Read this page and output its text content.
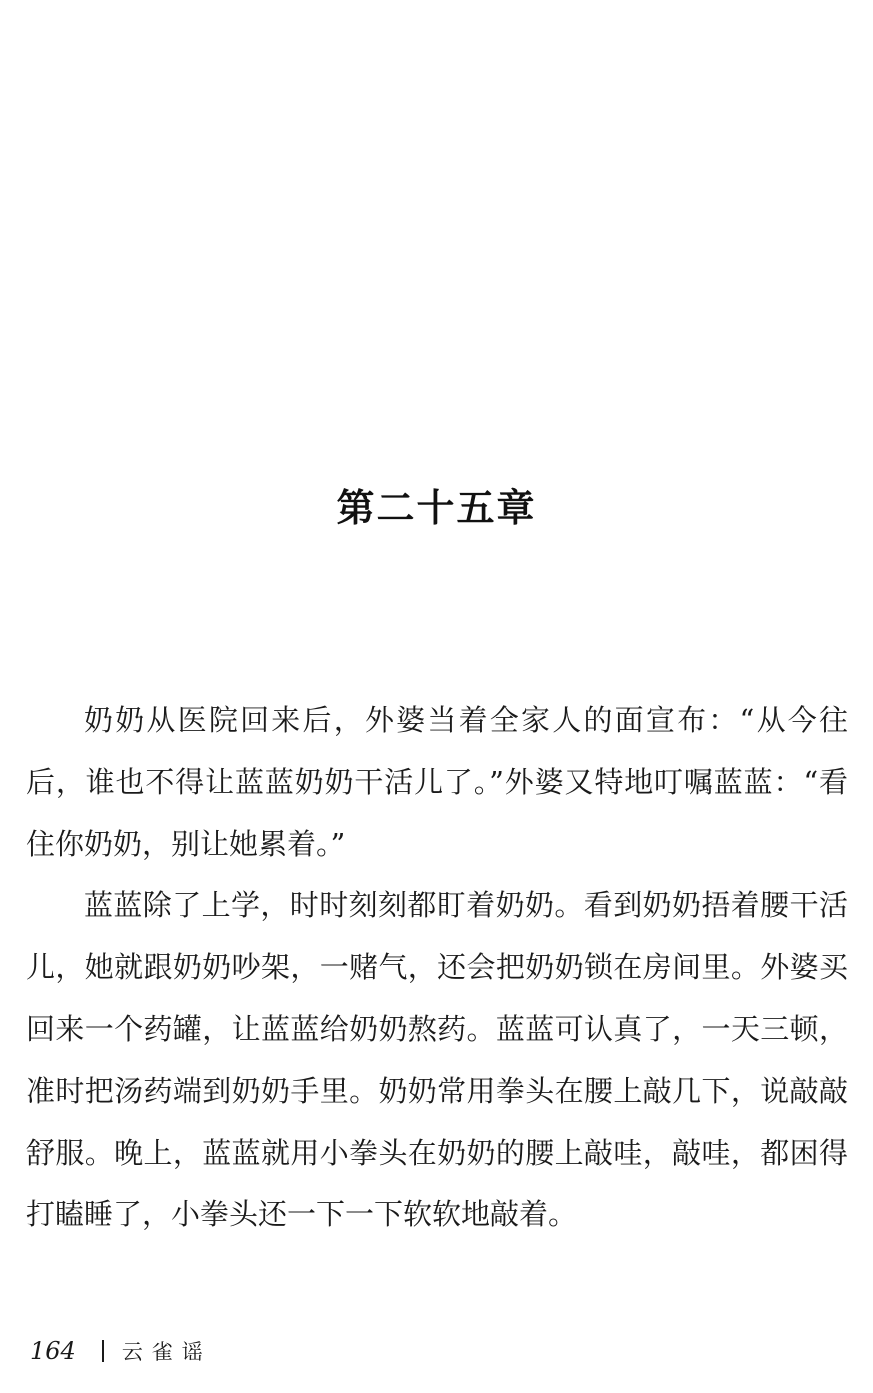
第二十五章

奶奶从医院回来后，外婆当着全家人的面宣布：“从今往后，谁也不得让蓝蓝奶奶干活儿了。”外婆又特地叮嘱蓝蓝：“看住你奶奶，别让她累着。”

蓝蓝除了上学，时时刻刻都盯着奶奶。看到奶奶捂着腰干活儿，她就跟奶奶吵架，一赌气，还会把奶奶锁在房间里。外婆买回来一个药罐，让蓝蓝给奶奶熬药。蓝蓝可认真了，一天三顿，准时把汤药端到奶奶手里。奶奶常用拳头在腰上敲几下，说敲敲舒服。晚上，蓝蓝就用小拳头在奶奶的腰上敲哇，敲哇，都困得打瞌睡了，小拳头还一下一下软软地敲着。

164 云雀谣
